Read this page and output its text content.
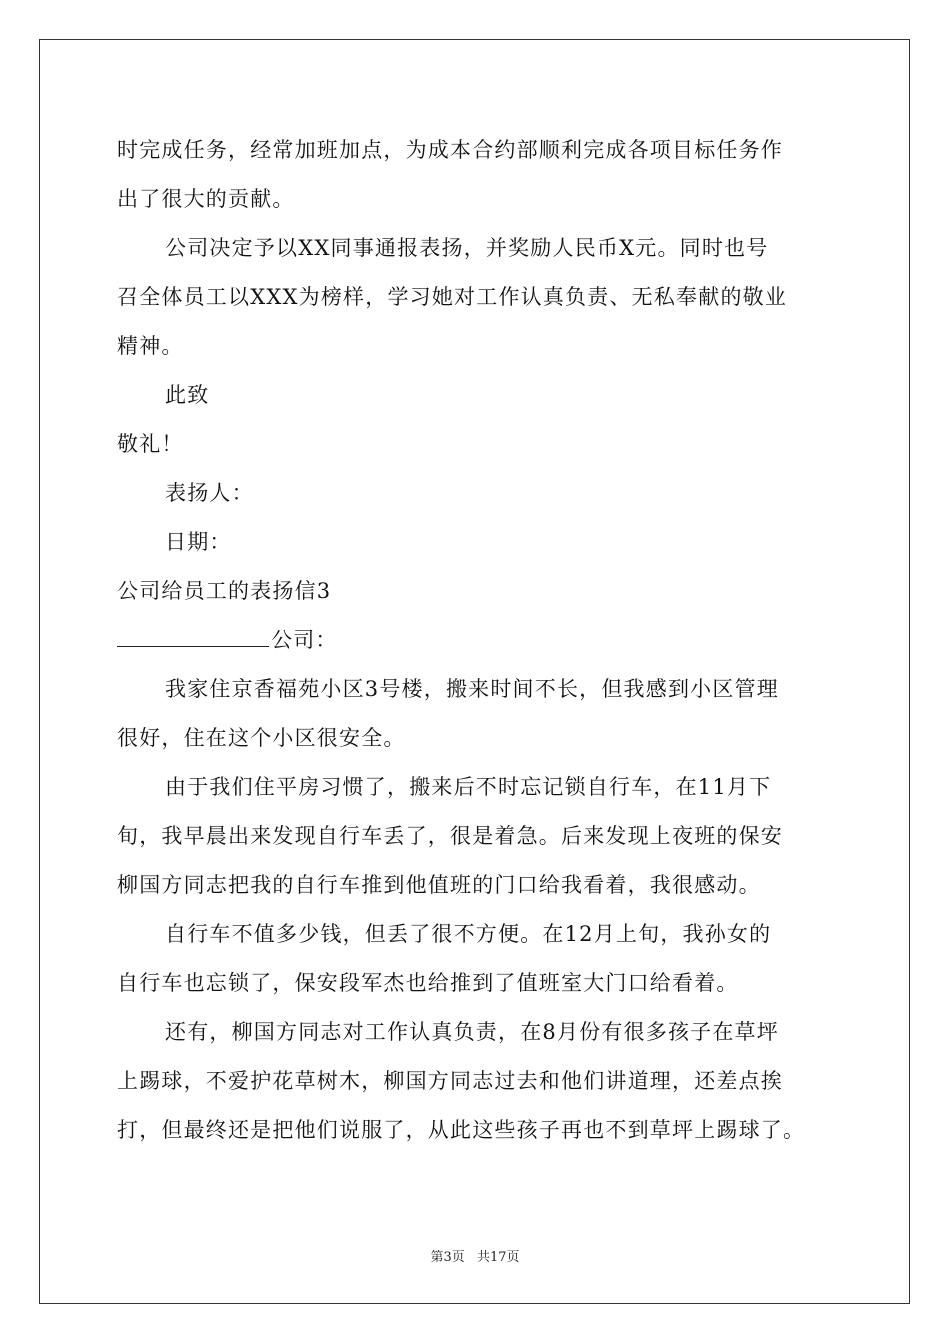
时完成任务，经常加班加点，为成本合约部顺利完成各项目标任务作
出了很大的贡献。
公司决定予以XX同事通报表扬，并奖励人民币X元。同时也号
召全体员工以XXX为榜样，学习她对工作认真负责、无私奉献的敬业
精神。
此致
敬礼！
表扬人：
日期：
公司给员工的表扬信3
公司：
我家住京香福苑小区3号楼，搬来时间不长，但我感到小区管理
很好，住在这个小区很安全。
由于我们住平房习惯了，搬来后不时忘记锁自行车，在11月下
旬，我早晨出来发现自行车丢了，很是着急。后来发现上夜班的保安
柳国方同志把我的自行车推到他值班的门口给我看着，我很感动。
自行车不值多少钱，但丢了很不方便。在12月上旬，我孙女的
自行车也忘锁了，保安段军杰也给推到了值班室大门口给看着。
还有，柳国方同志对工作认真负责，在8月份有很多孩子在草坪
上踢球，不爱护花草树木，柳国方同志过去和他们讲道理，还差点挨
打，但最终还是把他们说服了，从此这些孩子再也不到草坪上踢球了。
第3页 共17页
